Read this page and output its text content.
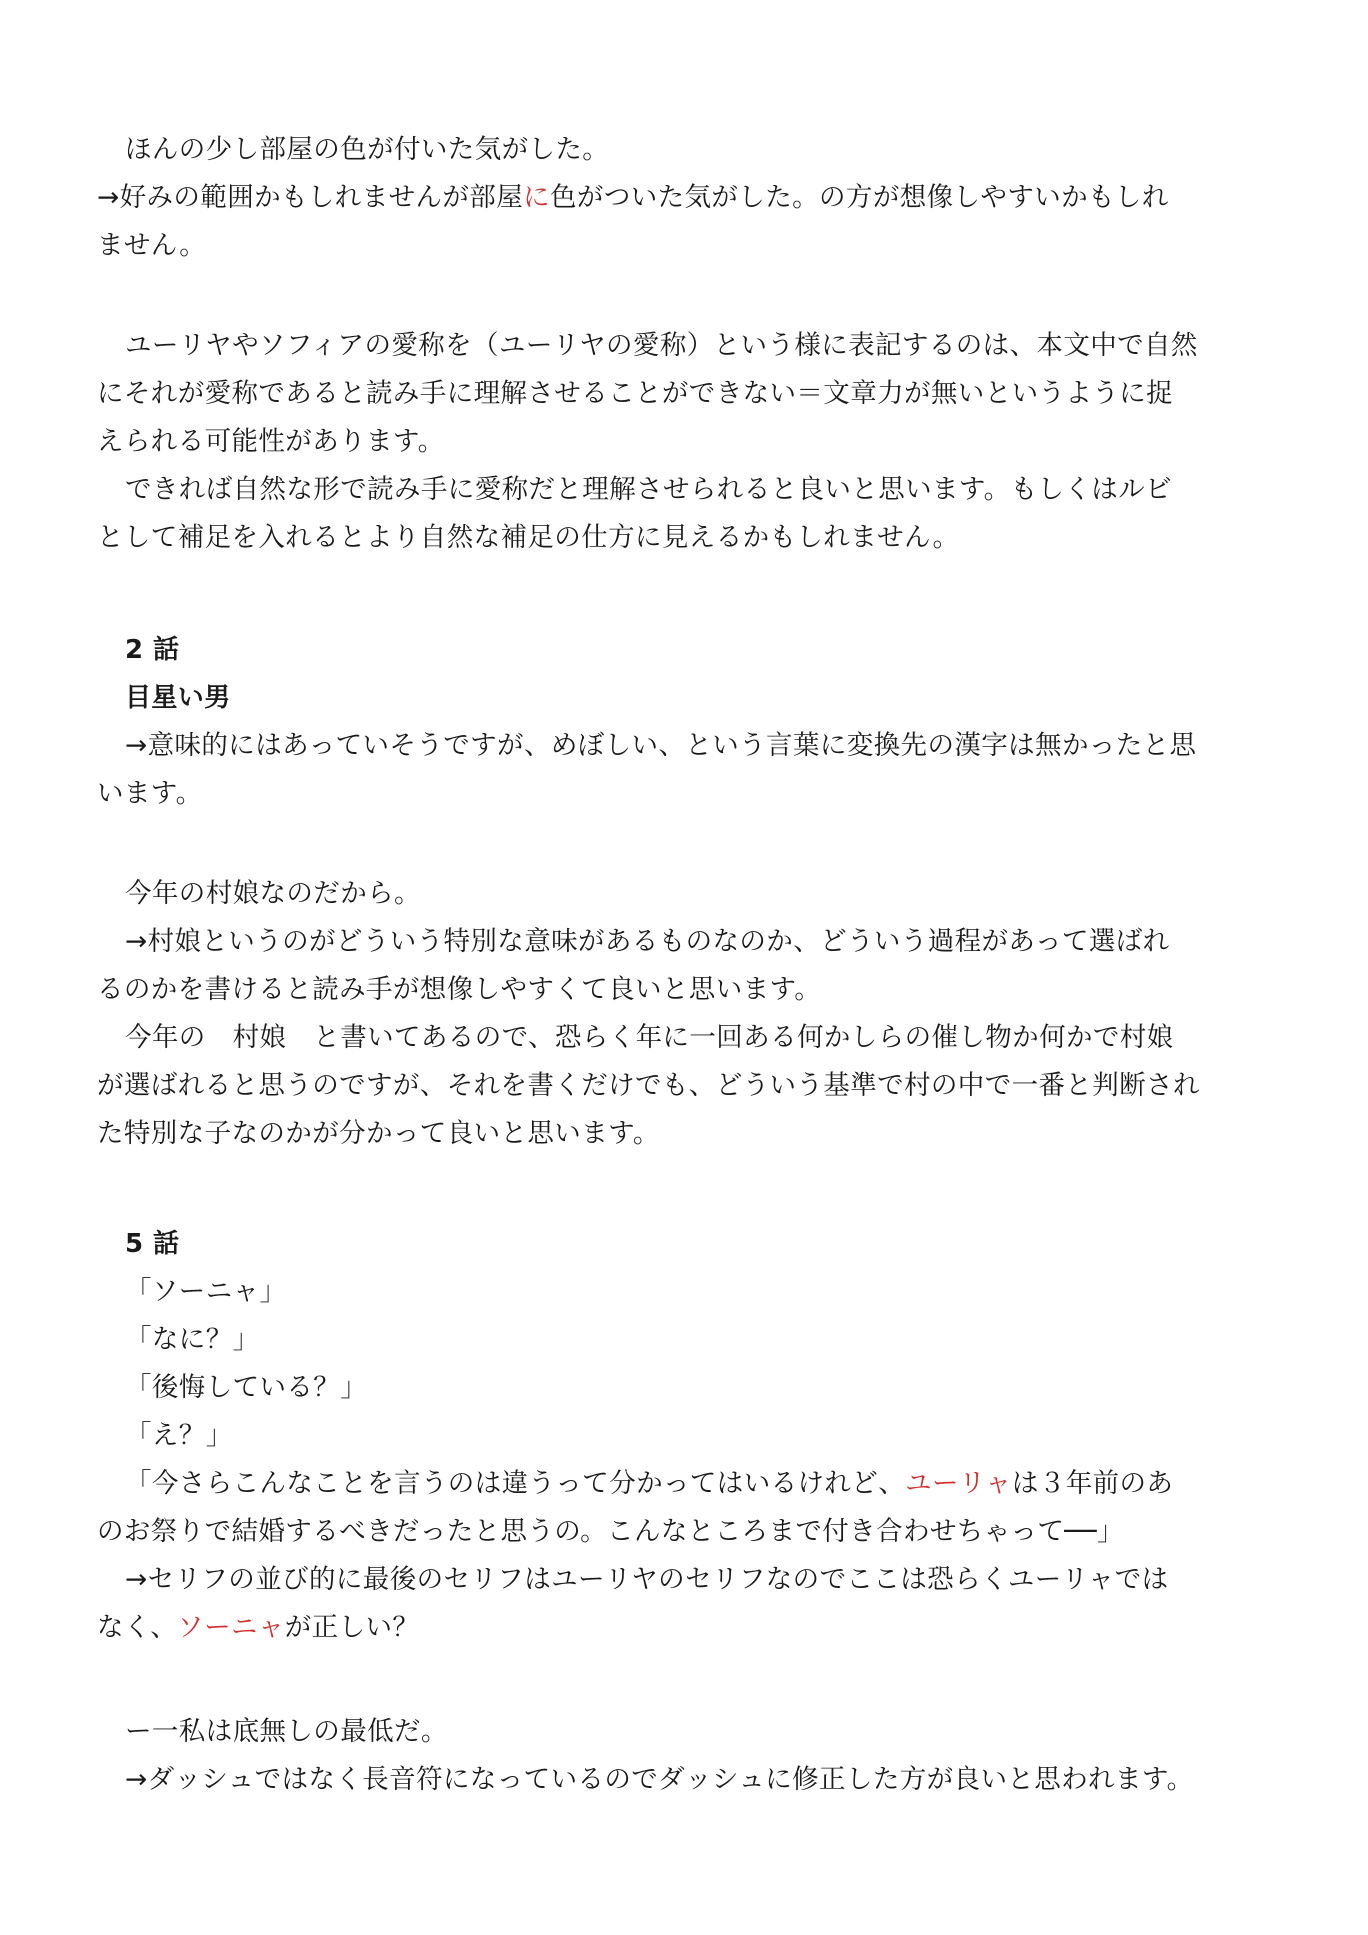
ほんの少し部屋の色が付いた気がした。
→好みの範囲かもしれませんが部屋に色がついた気がした。の方が想像しやすいかもしれ
ません。
ユーリヤやソフィアの愛称を（ユーリヤの愛称）という様に表記するのは、本文中で自然
にそれが愛称であると読み手に理解させることができない＝文章力が無いというように捉
えられる可能性があります。
できれば自然な形で読み手に愛称だと理解させられると良いと思います。もしくはルビ
として補足を入れるとより自然な補足の仕方に見えるかもしれません。
2 話
目星い男
→意味的にはあっていそうですが、めぼしい、という言葉に変換先の漢字は無かったと思
います。
今年の村娘なのだから。
→村娘というのがどういう特別な意味があるものなのか、どういう過程があって選ばれ
るのかを書けると読み手が想像しやすくて良いと思います。
今年の　村娘　と書いてあるので、恐らく年に一回ある何かしらの催し物か何かで村娘
が選ばれると思うのですが、それを書くだけでも、どういう基準で村の中で一番と判断され
た特別な子なのかが分かって良いと思います。
5 話
「ソーニャ」
「なに？」
「後悔している？」
「え？」
「今さらこんなことを言うのは違うって分かってはいるけれど、ユーリャは３年前のあ
のお祭りで結婚するべきだったと思うの。こんなところまで付き合わせちゃって──」
→セリフの並び的に最後のセリフはユーリヤのセリフなのでここは恐らくユーリャでは
なく、ソーニャが正しい？
ー一私は底無しの最低だ。
→ダッシュではなく長音符になっているのでダッシュに修正した方が良いと思われます。
